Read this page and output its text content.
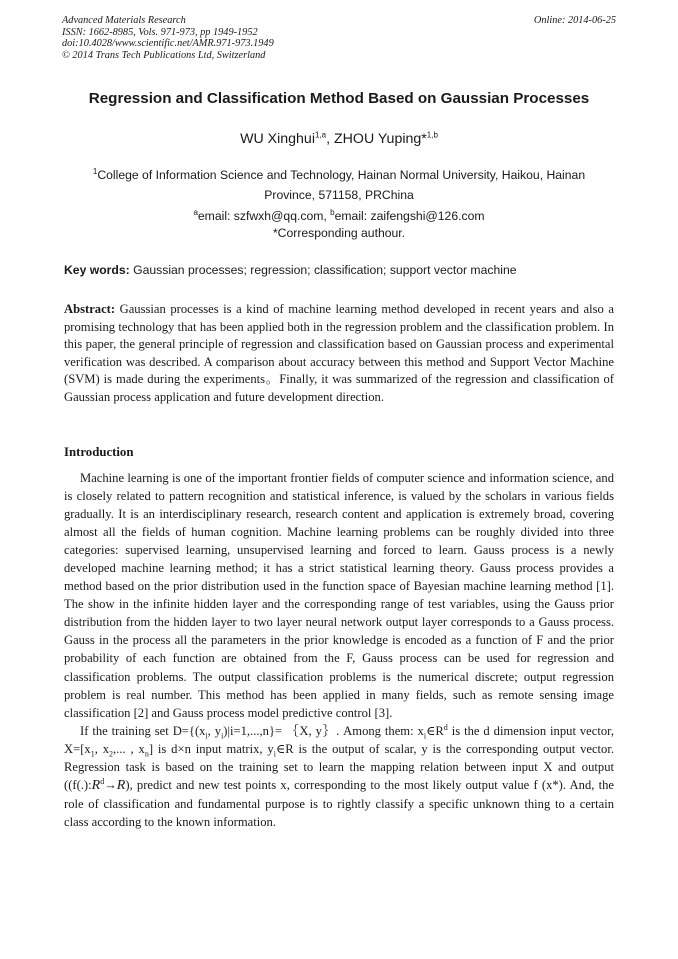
Advanced Materials Research
ISSN: 1662-8985, Vols. 971-973, pp 1949-1952
doi:10.4028/www.scientific.net/AMR.971-973.1949
© 2014 Trans Tech Publications Ltd, Switzerland
Online: 2014-06-25
Regression and Classification Method Based on Gaussian Processes
WU Xinghui$^{1,a}$, ZHOU Yuping*$^{1,b}$
$^1$College of Information Science and Technology, Hainan Normal University, Haikou, Hainan Province, 571158, PRChina
$^a$email: szfwxh@qq.com, $^b$email: zaifengshi@126.com
*Corresponding authour.
Key words: Gaussian processes; regression; classification; support vector machine
Abstract: Gaussian processes is a kind of machine learning method developed in recent years and also a promising technology that has been applied both in the regression problem and the classification problem. In this paper, the general principle of regression and classification based on Gaussian process and experimental verification was described. A comparison about accuracy between this method and Support Vector Machine (SVM) is made during the experiments。Finally, it was summarized of the regression and classification of Gaussian process application and future development direction.
Introduction

Machine learning is one of the important frontier fields of computer science and information science, and is closely related to pattern recognition and statistical inference, is valued by the scholars in various fields gradually. It is an interdisciplinary research, research content and application is extremely broad, covering almost all the fields of human cognition. Machine learning problems can be roughly divided into three categories: supervised learning, unsupervised learning and forced to learn. Gauss process is a newly developed machine learning method; it has a strict statistical learning theory. Gauss process provides a method based on the prior distribution used in the function space of Bayesian machine learning method [1]. The show in the infinite hidden layer and the corresponding range of test variables, using the Gauss prior distribution from the hidden layer to two layer neural network output layer corresponds to a Gauss process. Gauss in the process all the parameters in the prior knowledge is encoded as a function of F and the prior probability of each function are obtained from the F, Gauss process can be used for regression and classification problems. The output classification problems is the numerical discrete; output regression problem is real number. This method has been applied in many fields, such as remote sensing image classification [2] and Gauss process model predictive control [3].

If the training set $D=\{(x_i$, $y_i)|i=1,...,n\}=$ ｛X, y｝. Among them: $x_i\in R^d$ is the d dimension input vector, $X=[x_1$, $x_2$,... , $x_n$] is d×n input matrix, $y_i\in R$ is the output of scalar, y is the corresponding output vector. Regression task is based on the training set to learn the mapping relation between input X and output ($(f(.):R^d\to R)$, predict and new test points x, corresponding to the most likely output value f (x*). And, the role of classification and fundamental purpose is to rightly classify a specific unknown thing to a certain class according to the known information.
